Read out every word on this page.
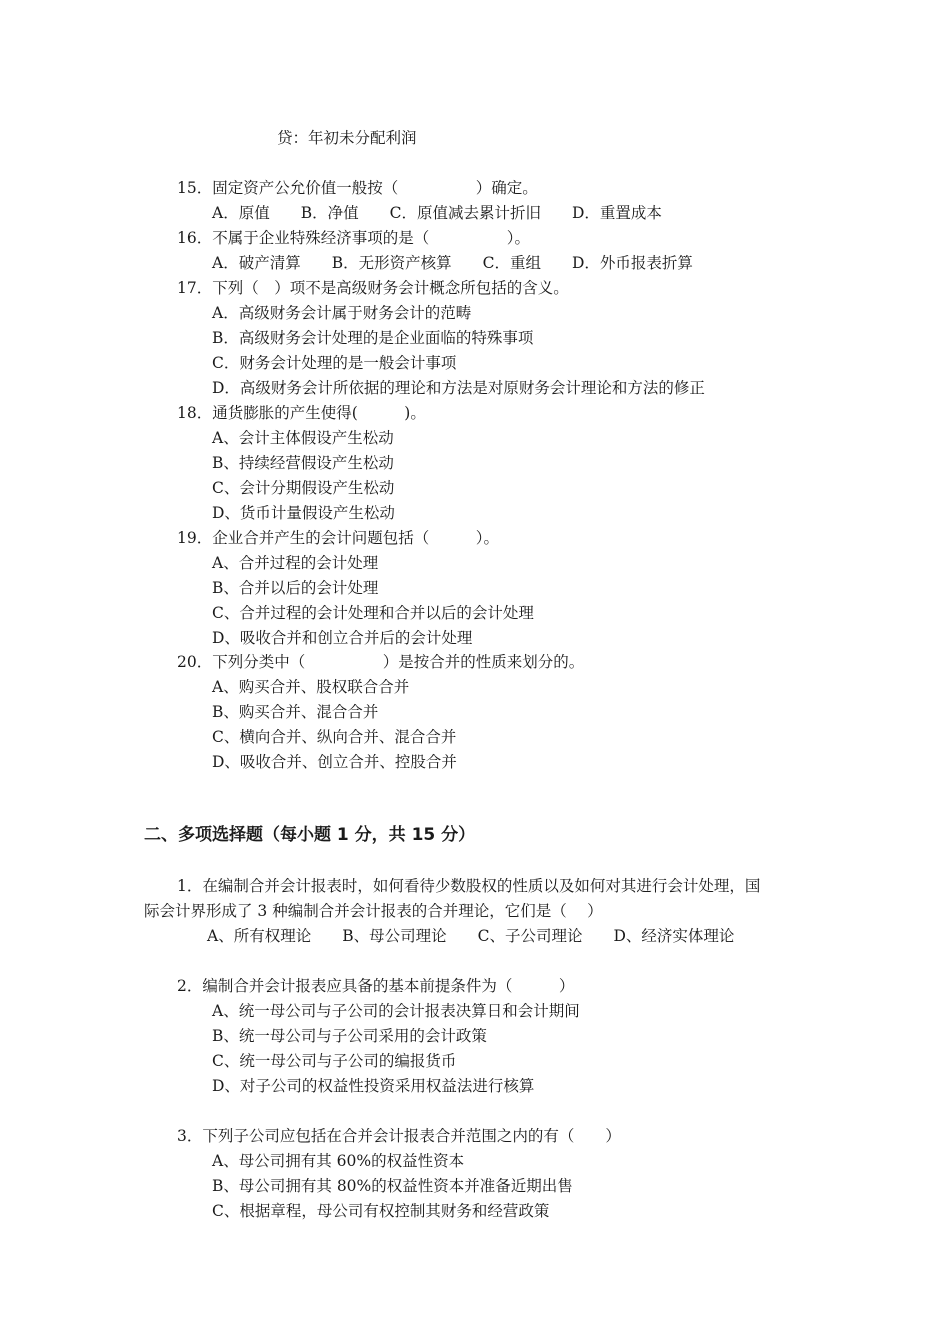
贷：年初未分配利润
15．固定资产公允价值一般按（　　　　　）确定。
A．原值　　B．净值　　C．原值减去累计折旧　　D．重置成本
16．不属于企业特殊经济事项的是（　　　　　）。
A．破产清算　　B．无形资产核算　　C．重组　　D．外币报表折算
17．下列（　）项不是高级财务会计概念所包括的含义。
A．高级财务会计属于财务会计的范畴
B．高级财务会计处理的是企业面临的特殊事项
C．财务会计处理的是一般会计事项
D．高级财务会计所依据的理论和方法是对原财务会计理论和方法的修正
18．通货膨胀的产生使得(　　　)。
A、会计主体假设产生松动
B、持续经营假设产生松动
C、会计分期假设产生松动
D、货币计量假设产生松动
19．企业合并产生的会计问题包括（　　　）。
A、合并过程的会计处理
B、合并以后的会计处理
C、合并过程的会计处理和合并以后的会计处理
D、吸收合并和创立合并后的会计处理
20．下列分类中（　　　　　）是按合并的性质来划分的。
A、购买合并、股权联合合并
B、购买合并、混合合并
C、横向合并、纵向合并、混合合并
D、吸收合并、创立合并、控股合并
二、多项选择题（每小题 1 分，共 15 分）
1．在编制合并会计报表时，如何看待少数股权的性质以及如何对其进行会计处理，国
际会计界形成了 3 种编制合并会计报表的合并理论，它们是（　 ）
A、所有权理论　　B、母公司理论　　C、子公司理论　　D、经济实体理论
2．编制合并会计报表应具备的基本前提条件为（　　　）
A、统一母公司与子公司的会计报表决算日和会计期间
B、统一母公司与子公司采用的会计政策
C、统一母公司与子公司的编报货币
D、对子公司的权益性投资采用权益法进行核算
3．下列子公司应包括在合并会计报表合并范围之内的有（　　）
A、母公司拥有其 60%的权益性资本
B、母公司拥有其 80%的权益性资本并准备近期出售
C、根据章程，母公司有权控制其财务和经营政策
